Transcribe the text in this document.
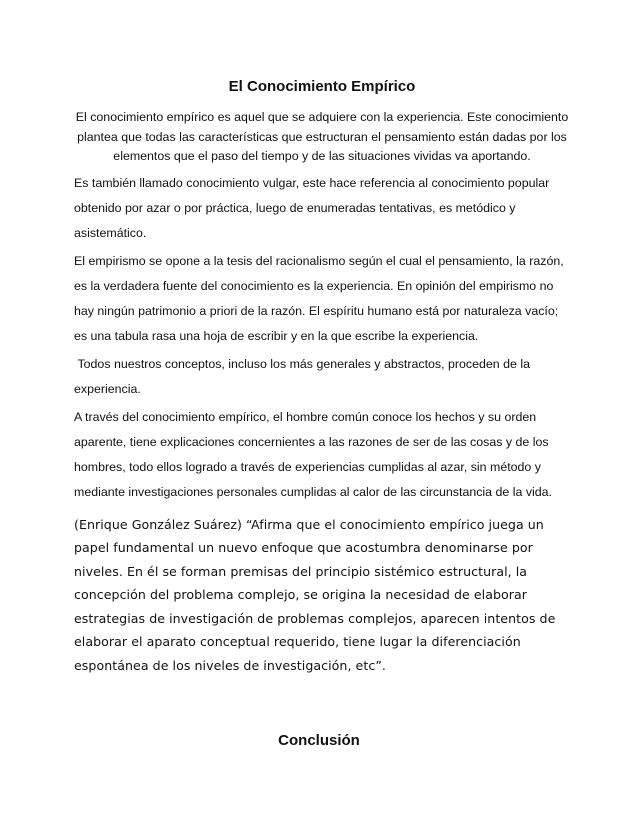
El Conocimiento Empírico

El conocimiento empírico es aquel que se adquiere con la experiencia. Este conocimiento plantea que todas las características que estructuran el pensamiento están dadas por los elementos que el paso del tiempo y de las situaciones vividas va aportando.

Es también llamado conocimiento vulgar, este hace referencia al conocimiento popular obtenido por azar o por práctica, luego de enumeradas tentativas, es metódico y asistemático.

El empirismo se opone a la tesis del racionalismo según el cual el pensamiento, la razón, es la verdadera fuente del conocimiento es la experiencia. En opinión del empirismo no hay ningún patrimonio a priori de la razón. El espíritu humano está por naturaleza vacío; es una tabula rasa una hoja de escribir y en la que escribe la experiencia.

Todos nuestros conceptos, incluso los más generales y abstractos, proceden de la experiencia.

A través del conocimiento empírico, el hombre común conoce los hechos y su orden aparente, tiene explicaciones concernientes a las razones de ser de las cosas y de los hombres, todo ellos logrado a través de experiencias cumplidas al azar, sin método y mediante investigaciones personales cumplidas al calor de las circunstancia de la vida.

(Enrique González Suárez) “Afirma que el conocimiento empírico juega un papel fundamental un nuevo enfoque que acostumbra denominarse por niveles. En él se forman premisas del principio sistémico estructural, la concepción del problema complejo, se origina la necesidad de elaborar estrategias de investigación de problemas complejos, aparecen intentos de elaborar el aparato conceptual requerido, tiene lugar la diferenciación espontánea de los niveles de investigación, etc”.

Conclusión
